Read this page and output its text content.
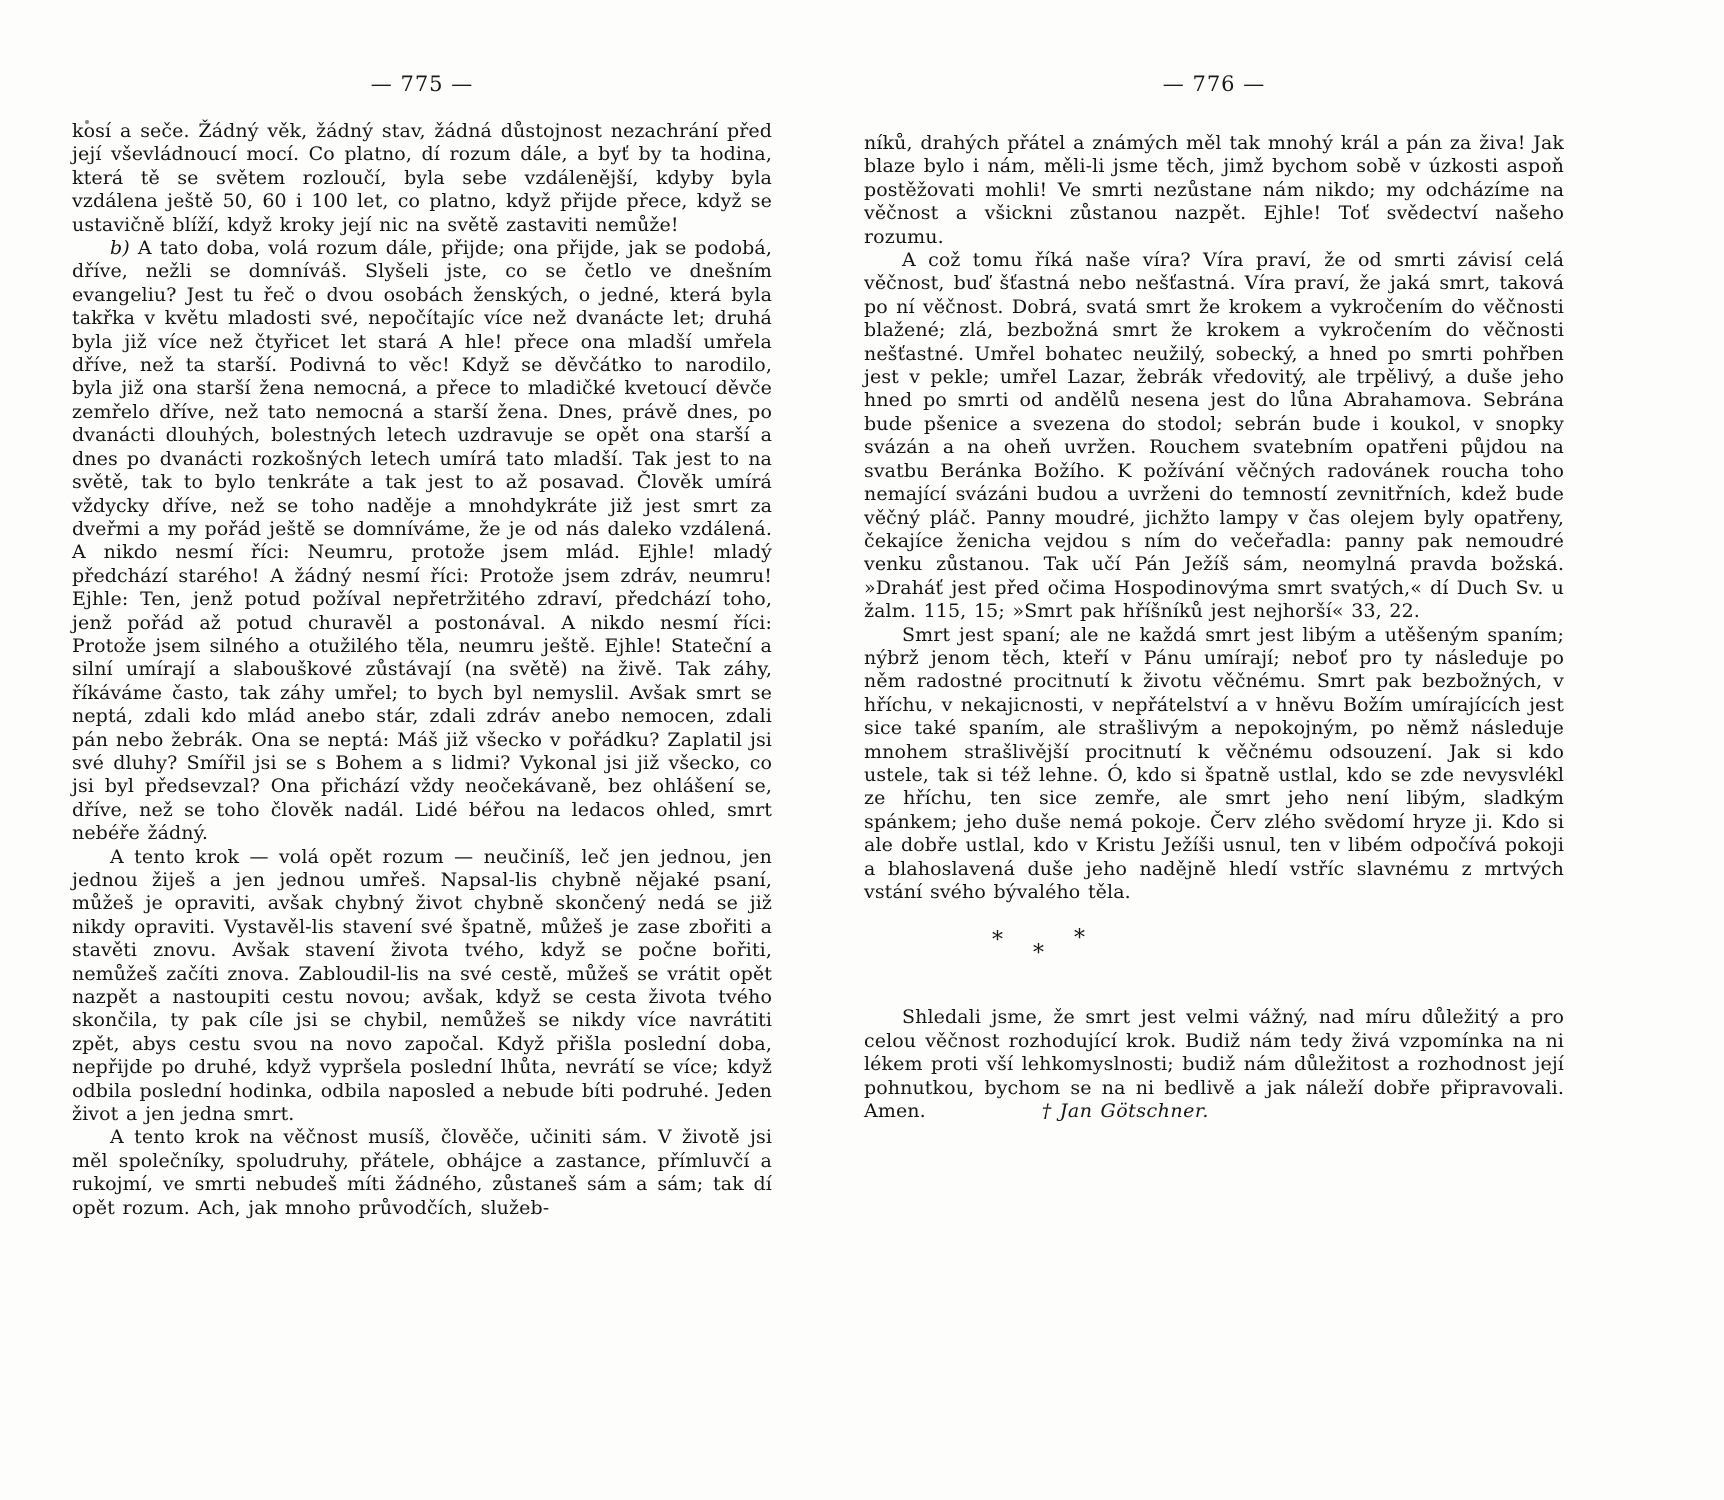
— 775 —

kosí a seče. Žádný věk, žádný stav, žádná důstojnost nezachrání před její vševládnoucí mocí. Co platno, dí rozum dále, a byť by ta hodina, která tě se světem rozloučí, byla sebe vzdálenější, kdyby byla vzdálena ještě 50, 60 i 100 let, co platno, když přijde přece, když se ustavičně blíží, když kroky její nic na světě zastaviti nemůže!

b) A tato doba, volá rozum dále, přijde; ona přijde, jak se podobá, dříve, nežli se domníváš. Slyšeli jste, co se četlo ve dnešním evangeliu? Jest tu řeč o dvou osobách ženských, o jedné, která byla takřka v květu mladosti své, nepočítajíc více než dvanácte let; druhá byla již více než čtyřicet let stará A hle! přece ona mladší umřela dříve, než ta starší. Podivná to věc! Když se děvčátko to narodilo, byla již ona starší žena nemocná, a přece to mladičké kvetoucí děvče zemřelo dříve, než tato nemocná a starší žena. Dnes, právě dnes, po dvanácti dlouhých, bolestných letech uzdravuje se opět ona starší a dnes po dvanácti rozkošných letech umírá tato mladší. Tak jest to na světě, tak to bylo tenkráte a tak jest to až posavad. Člověk umírá vždycky dříve, než se toho naděje a mnohdykráte již jest smrt za dveřmi a my pořád ještě se domníváme, že je od nás daleko vzdálená. A nikdo nesmí říci: Neumru, protože jsem mlád. Ejhle! mladý předchází starého! A žádný nesmí říci: Protože jsem zdráv, neumru! Ejhle: Ten, jenž potud požíval nepřetržitého zdraví, předchází toho, jenž pořád až potud churavěl a postonával. A nikdo nesmí říci: Protože jsem silného a otužilého těla, neumru ještě. Ejhle! Stateční a silní umírají a slabouškové zůstávají (na světě) na živě. Tak záhy, říkáváme často, tak záhy umřel; to bych byl nemyslil. Avšak smrt se neptá, zdali kdo mlád anebo stár, zdali zdráv anebo nemocen, zdali pán nebo žebrák. Ona se neptá: Máš již všecko v pořádku? Zaplatil jsi své dluhy? Smířil jsi se s Bohem a s lidmi? Vykonal jsi již všecko, co jsi byl předsevzal? Ona přichází vždy neočekávaně, bez ohlášení se, dříve, než se toho člověk nadál. Lidé béřou na ledacos ohled, smrt nebéře žádný.

A tento krok — volá opět rozum — neučiníš, leč jen jednou, jen jednou žiješ a jen jednou umřeš. Napsal-lis chybně nějaké psaní, můžeš je opraviti, avšak chybný život chybně skončený nedá se již nikdy opraviti. Vystavěl-lis stavení své špatně, můžeš je zase zbořiti a stavěti znovu. Avšak stavení života tvého, když se počne bořiti, nemůžeš začíti znova. Zabloudil-lis na své cestě, můžeš se vrátit opět nazpět a nastoupiti cestu novou; avšak, když se cesta života tvého skončila, ty pak cíle jsi se chybil, nemůžeš se nikdy více navrátiti zpět, abys cestu svou na novo započal. Když přišla poslední doba, nepřijde po druhé, když vypršela poslední lhůta, nevrátí se více; když odbila poslední hodinka, odbila naposled a nebude bíti podruhé. Jeden život a jen jedna smrt.

A tento krok na věčnost musíš, člověče, učiniti sám. V životě jsi měl společníky, spoludruhy, přátele, obhájce a zastance, přímluvčí a rukojmí, ve smrti nebudeš míti žádného, zůstaneš sám a sám; tak dí opět rozum. Ach, jak mnoho průvodčích, služeb-

— 776 —

níků, drahých přátel a známých měl tak mnohý král a pán za živa! Jak blaze bylo i nám, měli-li jsme těch, jimž bychom sobě v úzkosti aspoň postěžovati mohli! Ve smrti nezůstane nám nikdo; my odcházíme na věčnost a všickni zůstanou nazpět. Ejhle! Toť svědectví našeho rozumu.

A což tomu říká naše víra? Víra praví, že od smrti závisí celá věčnost, buď šťastná nebo nešťastná. Víra praví, že jaká smrt, taková po ní věčnost. Dobrá, svatá smrt že krokem a vykročením do věčnosti blažené; zlá, bezbožná smrt že krokem a vykročením do věčnosti nešťastné. Umřel bohatec neužilý, sobecký, a hned po smrti pohřben jest v pekle; umřel Lazar, žebrák vředovitý, ale trpělivý, a duše jeho hned po smrti od andělů nesena jest do lůna Abrahamova. Sebrána bude pšenice a svezena do stodol; sebrán bude i koukol, v snopky svázán a na oheň uvržen. Rouchem svatebním opatřeni půjdou na svatbu Beránka Božího. K požívání věčných radovánek roucha toho nemající svázáni budou a uvrženi do temností zevnitřních, kdež bude věčný pláč. Panny moudré, jichžto lampy v čas olejem byly opatřeny, čekajíce ženicha vejdou s ním do večeřadla: panny pak nemoudré venku zůstanou. Tak učí Pán Ježíš sám, neomylná pravda božská. »Draháť jest před očima Hospodinovýma smrt svatých,« dí Duch Sv. u žalm. 115, 15; »Smrt pak hříšníků jest nejhorší« 33, 22.

Smrt jest spaní; ale ne každá smrt jest libým a utěšeným spaním; nýbrž jenom těch, kteří v Pánu umírají; neboť pro ty následuje po něm radostné procitnutí k životu věčnému. Smrt pak bezbožných, v hříchu, v nekajicnosti, v nepřátelství a v hněvu Božím umírajících jest sice také spaním, ale strašlivým a nepokojným, po němž následuje mnohem strašlivější procitnutí k věčnému odsouzení. Jak si kdo ustele, tak si též lehne. Ó, kdo si špatně ustlal, kdo se zde nevysvlékl ze hříchu, ten sice zemře, ale smrt jeho není libým, sladkým spánkem; jeho duše nemá pokoje. Červ zlého svědomí hryze ji. Kdo si ale dobře ustlal, kdo v Kristu Ježíši usnul, ten v libém odpočívá pokoji a blahoslavená duše jeho nadějně hledí vstříc slavnému z mrtvých vstání svého bývalého těla.

***

Shledali jsme, že smrt jest velmi vážný, nad míru důležitý a pro celou věčnost rozhodující krok. Budiž nám tedy živá vzpomínka na ni lékem proti vší lehkomyslnosti; budiž nám důležitost a rozhodnost její pohnutkou, bychom se na ni bedlivě a jak náleží dobře připravovali. Amen.	† Jan Götschner.
